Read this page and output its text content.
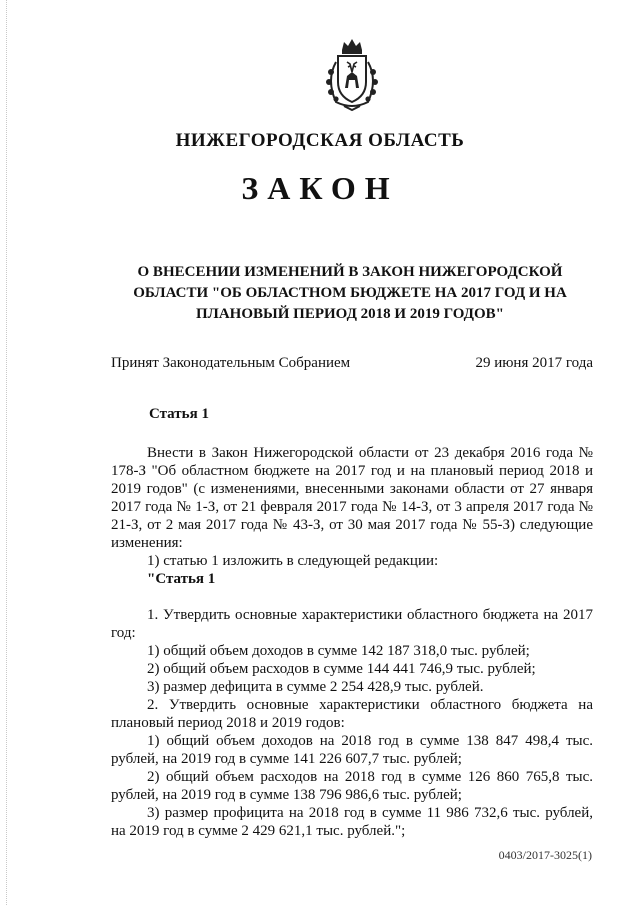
НИЖЕГОРОДСКАЯ ОБЛАСТЬ
ЗАКОН
О ВНЕСЕНИИ ИЗМЕНЕНИЙ В ЗАКОН НИЖЕГОРОДСКОЙ ОБЛАСТИ "ОБ ОБЛАСТНОМ БЮДЖЕТЕ НА 2017 ГОД И НА ПЛАНОВЫЙ ПЕРИОД 2018 И 2019 ГОДОВ"
Принят Законодательным Собранием	29 июня 2017 года
Статья 1

Внести в Закон Нижегородской области от 23 декабря 2016 года № 178-З "Об областном бюджете на 2017 год и на плановый период 2018 и 2019 годов" (с изменениями, внесенными законами области от 27 января 2017 года № 1-З, от 21 февраля 2017 года № 14-З, от 3 апреля 2017 года № 21-З, от 2 мая 2017 года № 43-З, от 30 мая 2017 года № 55-З) следующие изменения:

1) статью 1 изложить в следующей редакции:

"Статья 1

1. Утвердить основные характеристики областного бюджета на 2017 год:

1) общий объем доходов в сумме 142 187 318,0 тыс. рублей;

2) общий объем расходов в сумме 144 441 746,9 тыс. рублей;

3) размер дефицита в сумме 2 254 428,9 тыс. рублей.

2. Утвердить основные характеристики областного бюджета на плановый период 2018 и 2019 годов:

1) общий объем доходов на 2018 год в сумме 138 847 498,4 тыс. рублей, на 2019 год в сумме 141 226 607,7 тыс. рублей;

2) общий объем расходов на 2018 год в сумме 126 860 765,8 тыс. рублей, на 2019 год в сумме 138 796 986,6 тыс. рублей;

3) размер профицита на 2018 год в сумме 11 986 732,6 тыс. рублей, на 2019 год в сумме 2 429 621,1 тыс. рублей.";

0403/2017-3025(1)
